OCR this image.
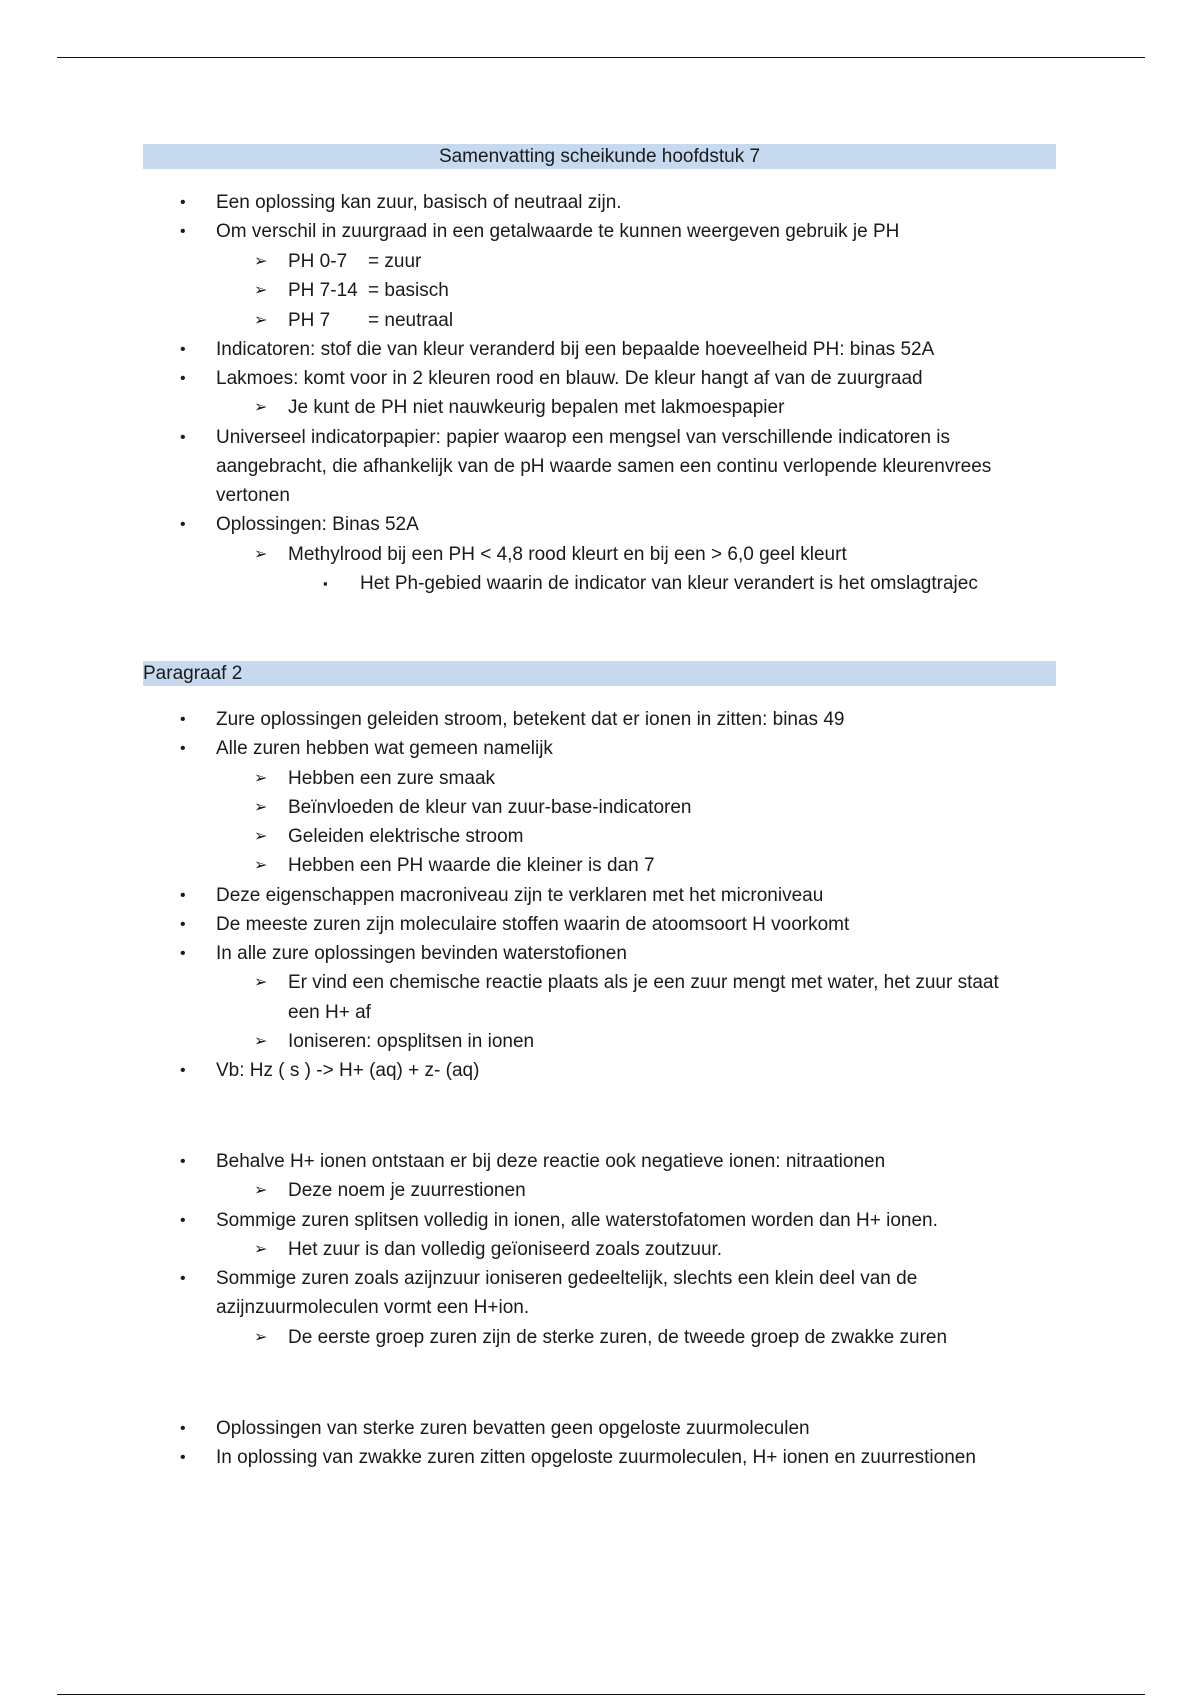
Samenvatting scheikunde hoofdstuk 7
• Een oplossing kan zuur, basisch of neutraal zijn.
• Om verschil in zuurgraad in een getalwaarde te kunnen weergeven gebruik je PH
➢ PH 0-7 = zuur
➢ PH 7-14 = basisch
➢ PH 7 = neutraal
• Indicatoren: stof die van kleur veranderd bij een bepaalde hoeveelheid PH: binas 52A
• Lakmoes: komt voor in 2 kleuren rood en blauw. De kleur hangt af van de zuurgraad
➢ Je kunt de PH niet nauwkeurig bepalen met lakmoespapier
• Universeel indicatorpapier: papier waarop een mengsel van verschillende indicatoren is
aangebracht, die afhankelijk van de pH waarde samen een continu verlopende kleurenvrees
vertonen
• Oplossingen: Binas 52A
➢ Methylrood bij een PH < 4,8 rood kleurt en bij een > 6,0 geel kleurt
▪ Het Ph-gebied waarin de indicator van kleur verandert is het omslagtrajec
Paragraaf 2
• Zure oplossingen geleiden stroom, betekent dat er ionen in zitten: binas 49
• Alle zuren hebben wat gemeen namelijk
➢ Hebben een zure smaak
➢ Beïnvloeden de kleur van zuur-base-indicatoren
➢ Geleiden elektrische stroom
➢ Hebben een PH waarde die kleiner is dan 7
• Deze eigenschappen macroniveau zijn te verklaren met het microniveau
• De meeste zuren zijn moleculaire stoffen waarin de atoomsoort H voorkomt
• In alle zure oplossingen bevinden waterstofionen
➢ Er vind een chemische reactie plaats als je een zuur mengt met water, het zuur staat
een H+ af
➢ Ioniseren: opsplitsen in ionen
• Vb: Hz ( s ) -> H+ (aq) + z- (aq)
• Behalve H+ ionen ontstaan er bij deze reactie ook negatieve ionen: nitraationen
➢ Deze noem je zuurrestionen
• Sommige zuren splitsen volledig in ionen, alle waterstofatomen worden dan H+ ionen.
➢ Het zuur is dan volledig geïoniseerd zoals zoutzuur.
• Sommige zuren zoals azijnzuur ioniseren gedeeltelijk, slechts een klein deel van de
azijnzuurmoleculen vormt een H+ion.
➢ De eerste groep zuren zijn de sterke zuren, de tweede groep de zwakke zuren
• Oplossingen van sterke zuren bevatten geen opgeloste zuurmoleculen
• In oplossing van zwakke zuren zitten opgeloste zuurmoleculen, H+ ionen en zuurrestionen
